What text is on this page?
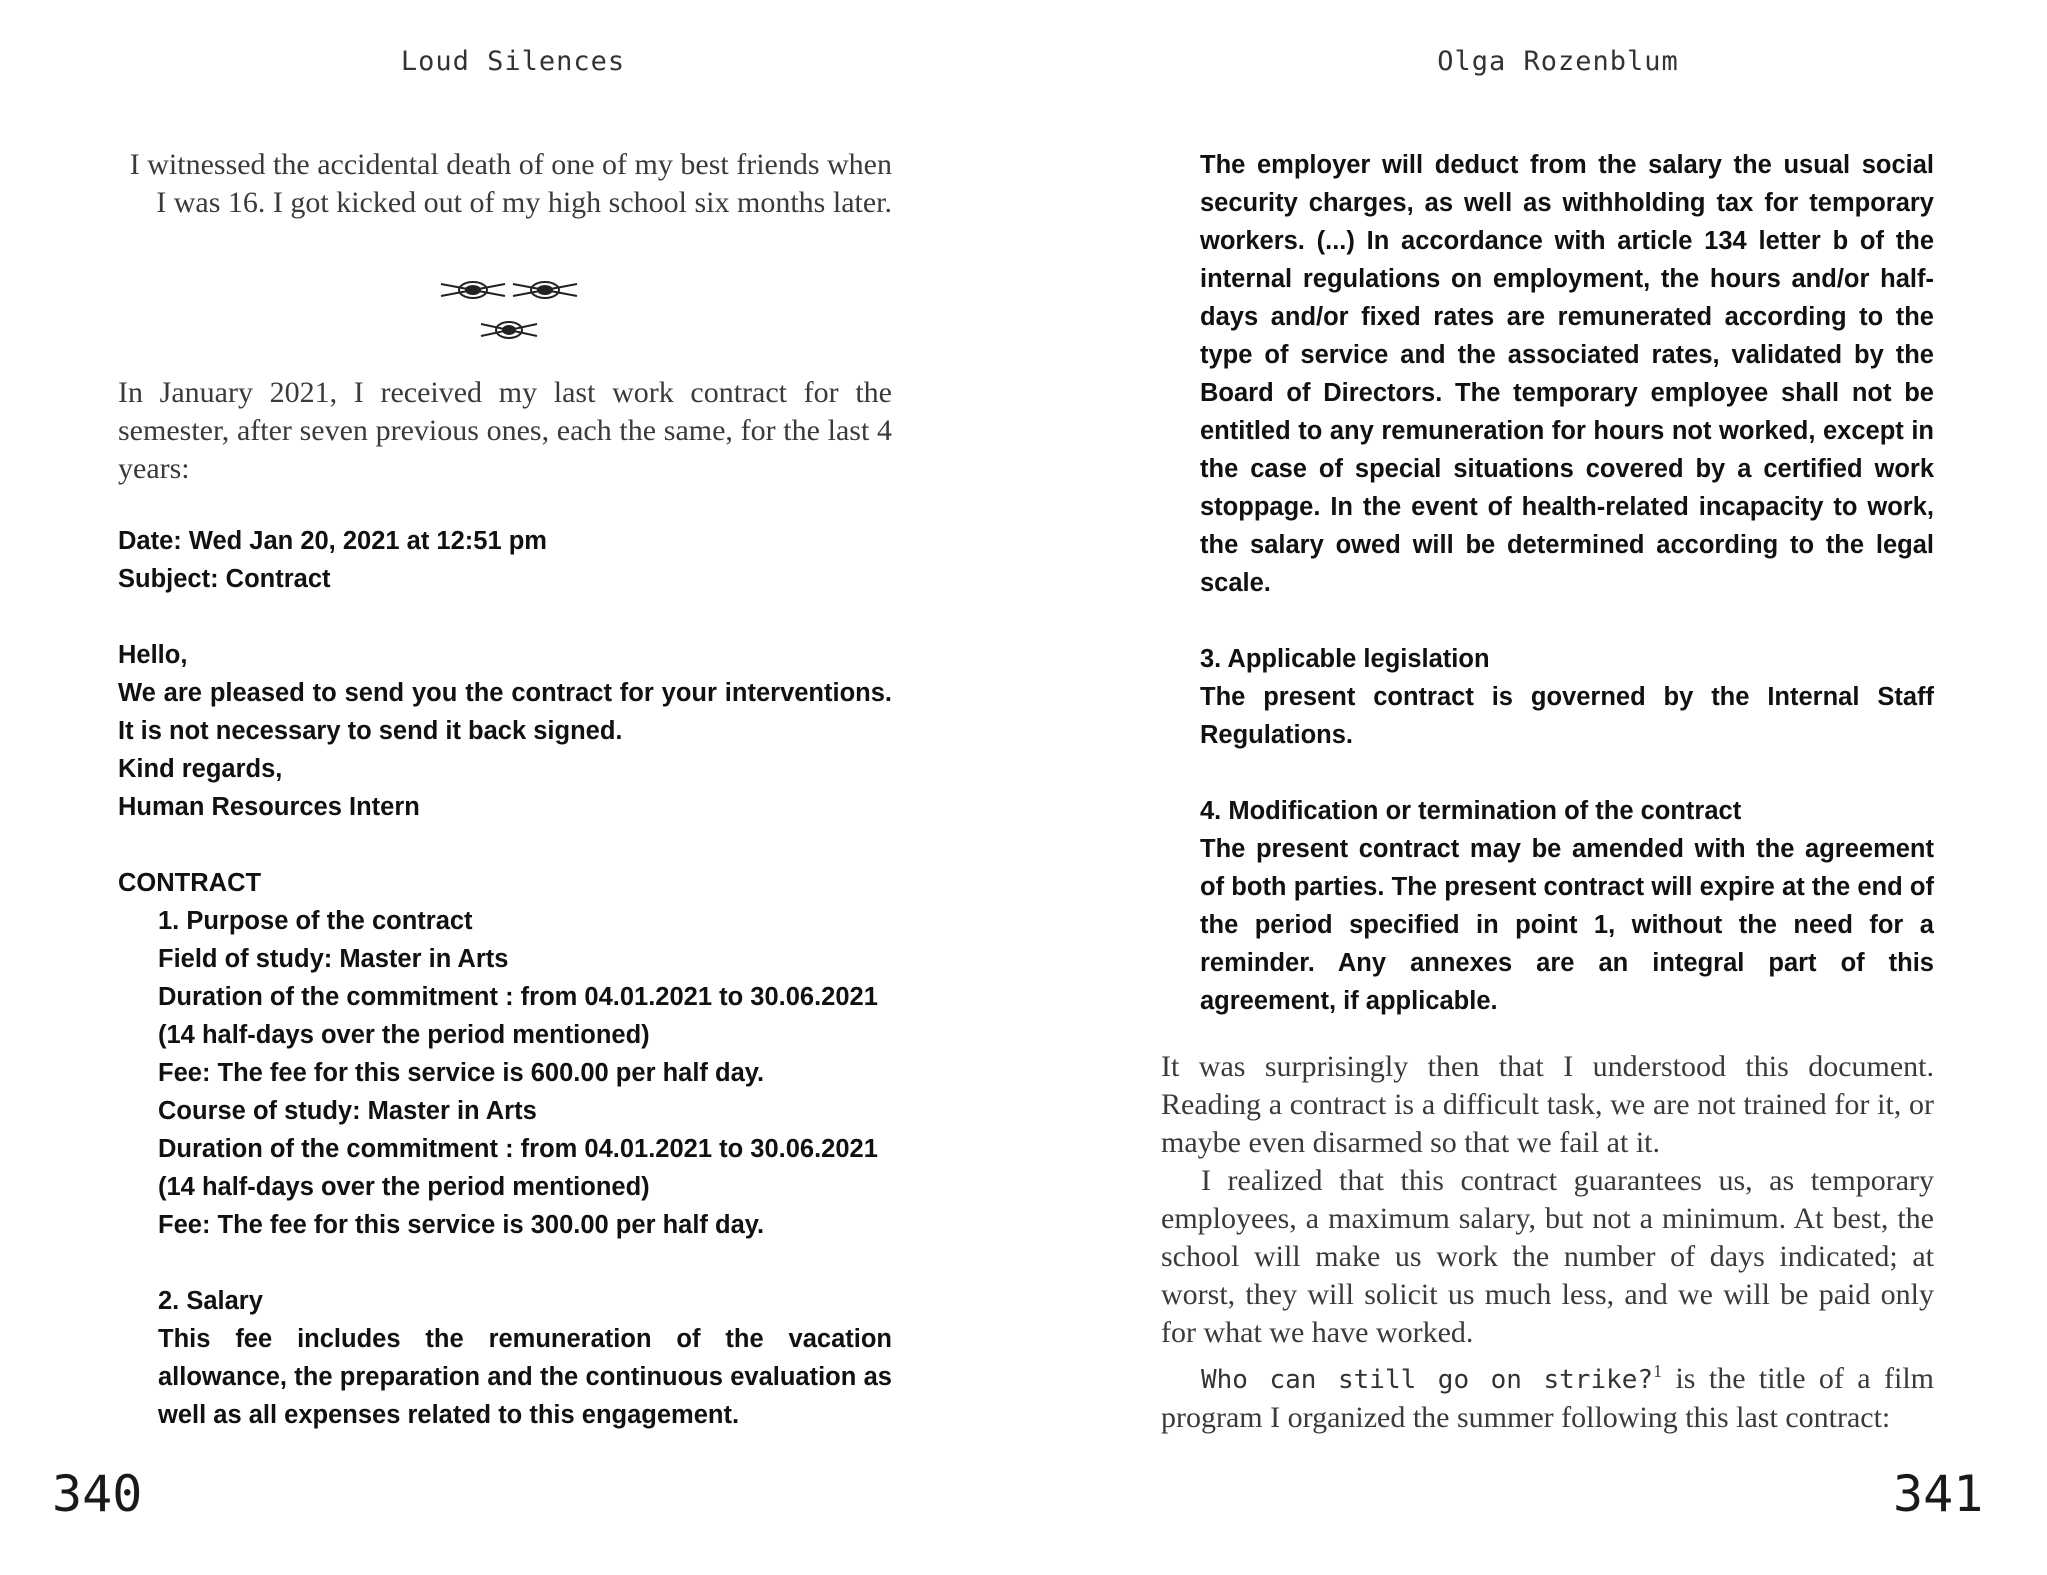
Loud Silences

I witnessed the accidental death of one of my best friends when I was 16. I got kicked out of my high school six months later.

In January 2021, I received my last work contract for the semester, after seven previous ones, each the same, for the last 4 years:

Date: Wed Jan 20, 2021 at 12:51 pm

Subject: Contract

Hello,

We are pleased to send you the contract for your interventions. It is not necessary to send it back signed.

Kind regards,

Human Resources Intern

CONTRACT

1. Purpose of the contract

Field of study: Master in Arts

Duration of the commitment : from 04.01.2021 to 30.06.2021

(14 half-days over the period mentioned)

Fee: The fee for this service is 600.00 per half day.

Course of study: Master in Arts

Duration of the commitment : from 04.01.2021 to 30.06.2021

(14 half-days over the period mentioned)

Fee: The fee for this service is 300.00 per half day.

2. Salary

This fee includes the remuneration of the vacation allowance, the preparation and the continuous evaluation as well as all expenses related to this engagement.

340
Olga Rozenblum
341

The employer will deduct from the salary the usual social security charges, as well as withholding tax for temporary workers. (...) In accordance with article 134 letter b of the internal regulations on employment, the hours and/or half-days and/or fixed rates are remunerated according to the type of service and the associated rates, validated by the Board of Directors. The temporary employee shall not be entitled to any remuneration for hours not worked, except in the case of special situations covered by a certified work stoppage. In the event of health-related incapacity to work, the salary owed will be determined according to the legal scale.

3. Applicable legislation

The present contract is governed by the Internal Staff Regulations.

4. Modification or termination of the contract

The present contract may be amended with the agreement of both parties. The present contract will expire at the end of the period specified in point 1, without the need for a reminder. Any annexes are an integral part of this agreement, if applicable.

It was surprisingly then that I understood this document. Reading a contract is a difficult task, we are not trained for it, or maybe even disarmed so that we fail at it.

I realized that this contract guarantees us, as temporary employees, a maximum salary, but not a minimum. At best, the school will make us work the number of days indicated; at worst, they will solicit us much less, and we will be paid only for what we have worked.

Who can still go on strike?$^1$ is the title of a film program I organized the summer following this last contract:
